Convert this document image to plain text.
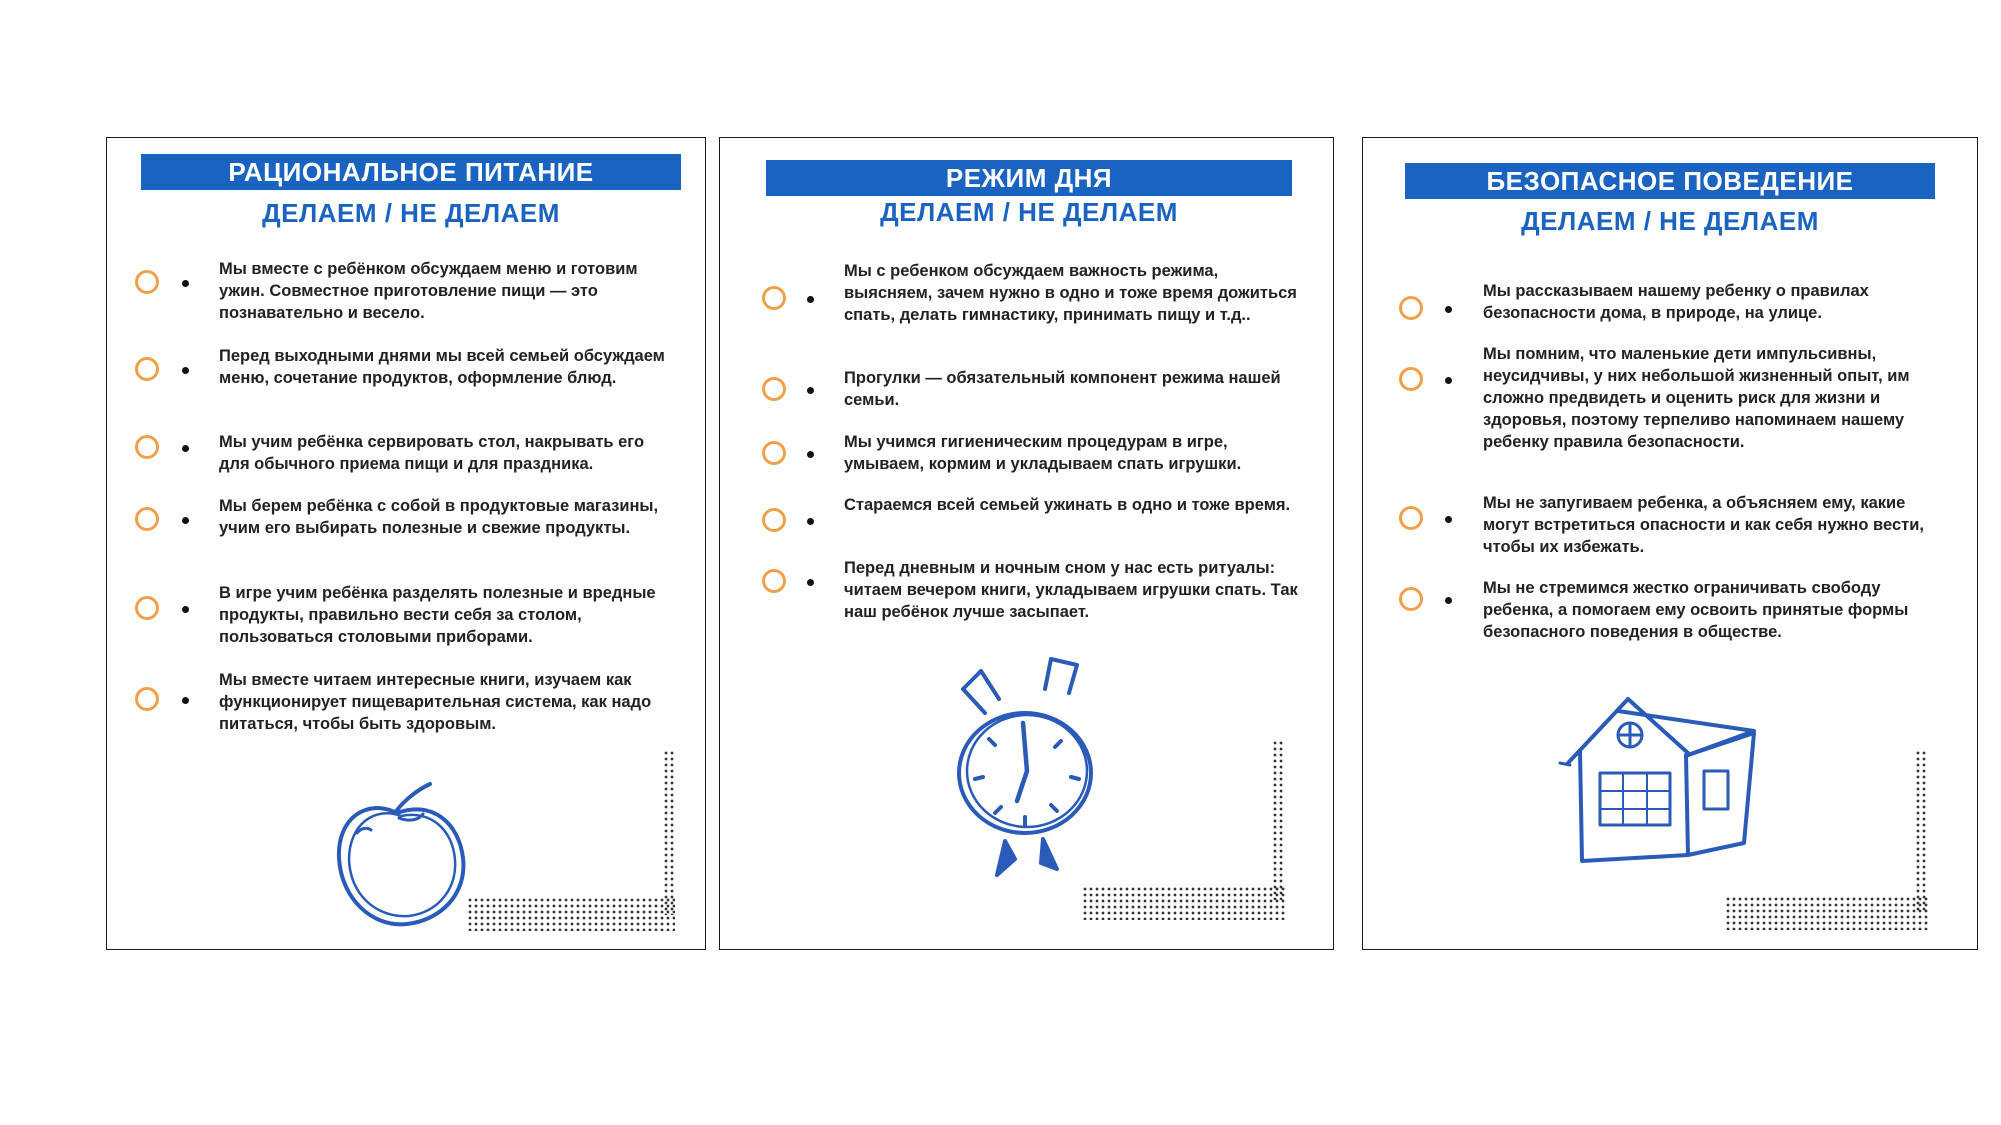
РАЦИОНАЛЬНОЕ ПИТАНИЕ
ДЕЛАЕМ / НЕ ДЕЛАЕМ
Мы вместе с ребёнком обсуждаем меню и готовим ужин. Совместное приготовление пищи — это познавательно и весело.
Перед выходными днями мы всей семьей обсуждаем меню, сочетание продуктов, оформление блюд.
Мы учим ребёнка сервировать стол, накрывать его для обычного приема пищи и для праздника.
Мы берем ребёнка с собой в продуктовые магазины, учим его выбирать полезные и свежие продукты.
В игре учим ребёнка разделять полезные и вредные продукты, правильно вести себя за столом, пользоваться столовыми приборами.
Мы вместе читаем интересные книги, изучаем как функционирует пищеварительная система, как надо питаться, чтобы быть здоровым.
РЕЖИМ ДНЯ
ДЕЛАЕМ / НЕ ДЕЛАЕМ
Мы с ребенком обсуждаем важность режима, выясняем, зачем нужно в одно и тоже время дожиться спать, делать гимнастику, принимать пищу и т.д..
Прогулки — обязательный компонент режима нашей семьи.
Мы учимся гигиеническим процедурам в игре, умываем, кормим и укладываем спать игрушки.
Стараемся всей семьей ужинать в одно и тоже время.
Перед дневным и ночным сном у нас есть ритуалы: читаем вечером книги, укладываем игрушки спать. Так наш ребёнок лучше засыпает.
БЕЗОПАСНОЕ ПОВЕДЕНИЕ
ДЕЛАЕМ / НЕ ДЕЛАЕМ
Мы рассказываем нашему ребенку о правилах безопасности дома, в природе, на улице.
Мы помним, что маленькие дети импульсивны, неусидчивы, у них небольшой жизненный опыт, им сложно предвидеть и оценить риск для жизни и здоровья, поэтому терпеливо напоминаем нашему ребенку правила безопасности.
Мы не запугиваем ребенка, а объясняем ему, какие могут встретиться опасности и как себя нужно вести, чтобы их избежать.
Мы не стремимся жестко ограничивать свободу ребенка, а помогаем ему освоить принятые формы безопасного поведения в обществе.
